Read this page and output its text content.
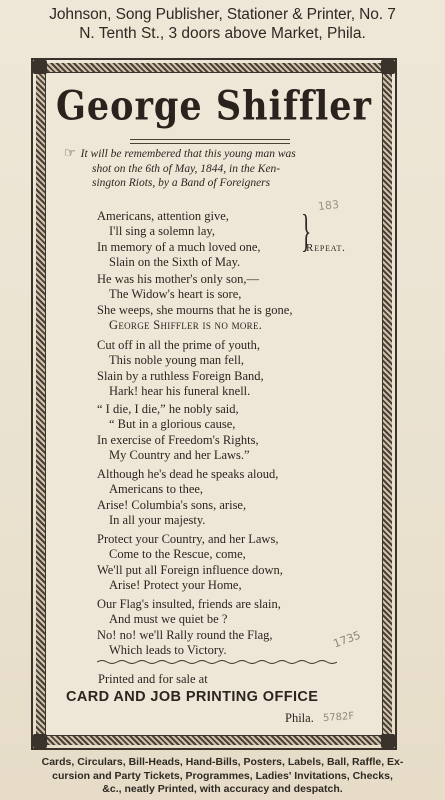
Johnson, Song Publisher, Stationer & Printer, No. 7
N. Tenth St., 3 doors above Market, Phila.
George Shiffler
☞ It will be remembered that this young man was
shot on the 6th of May, 1844, in the Ken-
sington Riots, by a Band of Foreigners
Americans, attention give,
I'll sing a solemn lay,
In memory of a much loved one,
Slain on the Sixth of May.
}
Repeat.
He was his mother's only son,—
The Widow's heart is sore,
She weeps, she mourns that he is gone,
George Shiffler is no more.
Cut off in all the prime of youth,
This noble young man fell,
Slain by a ruthless Foreign Band,
Hark! hear his funeral knell.
“ I die, I die,” he nobly said,
“ But in a glorious cause,
In exercise of Freedom's Rights,
My Country and her Laws.”
Although he's dead he speaks aloud,
Americans to thee,
Arise! Columbia's sons, arise,
In all your majesty.
Protect your Country, and her Laws,
Come to the Rescue, come,
We'll put all Foreign influence down,
Arise! Protect your Home,
Our Flag's insulted, friends are slain,
And must we quiet be ?
No! no! we'll Rally round the Flag,
Which leads to Victory.
Printed and for sale at
CARD AND JOB PRINTING OFFICE
Phila.
183
1735
5782F
Cards, Circulars, Bill-Heads, Hand-Bills, Posters, Labels, Ball, Raffle, Ex-
cursion and Party Tickets, Programmes, Ladies' Invitations, Checks,
&c., neatly Printed, with accuracy and despatch.
